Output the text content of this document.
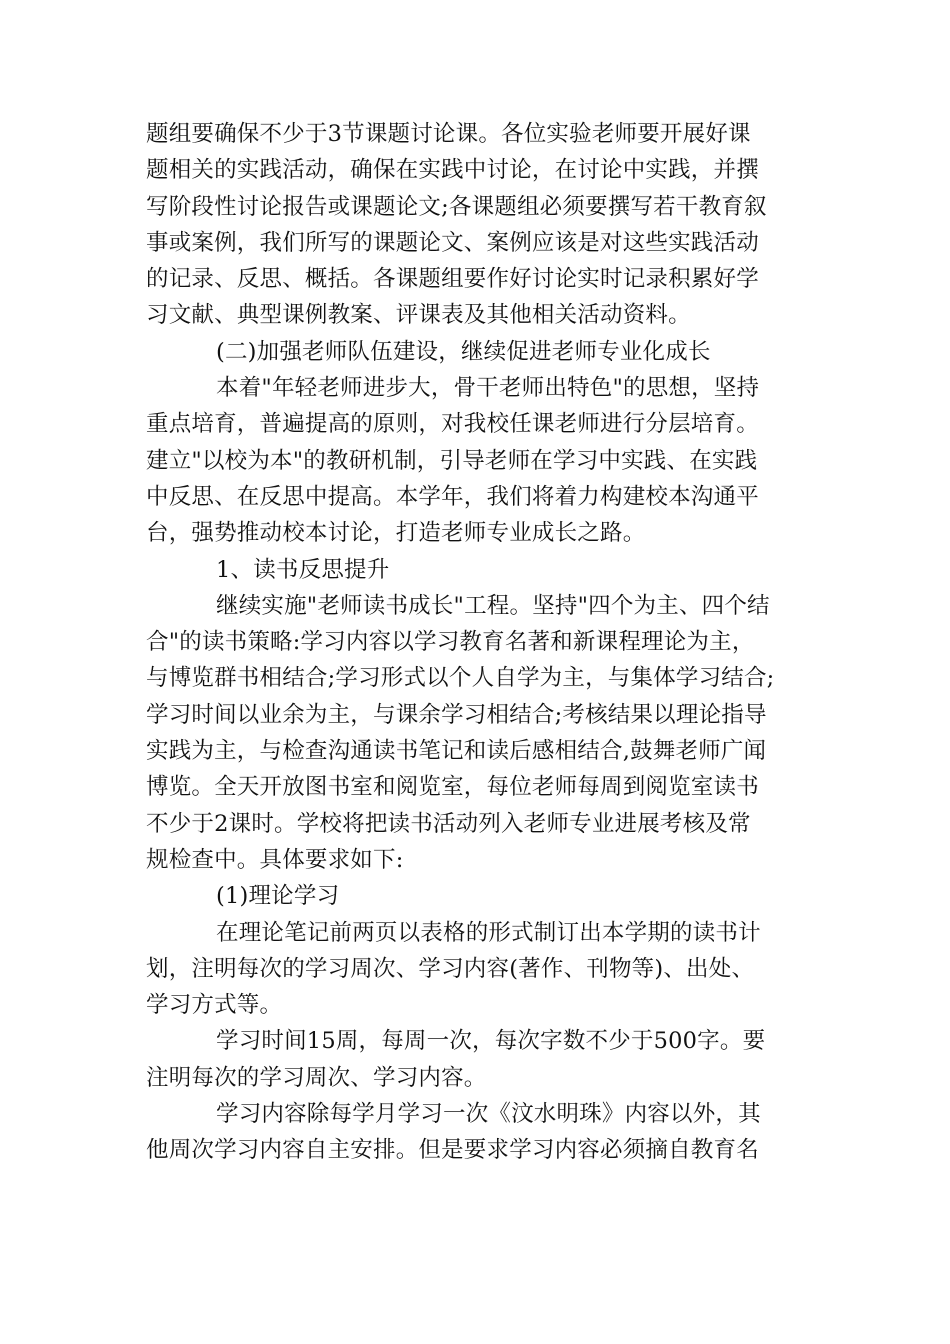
题组要确保不少于3节课题讨论课。各位实验老师要开展好课

题相关的实践活动，确保在实践中讨论，在讨论中实践，并撰

写阶段性讨论报告或课题论文;各课题组必须要撰写若干教育叙

事或案例，我们所写的课题论文、案例应该是对这些实践活动

的记录、反思、概括。各课题组要作好讨论实时记录积累好学

习文献、典型课例教案、评课表及其他相关活动资料。

(二)加强老师队伍建设，继续促进老师专业化成长

本着"年轻老师进步大，骨干老师出特色"的思想，坚持

重点培育，普遍提高的原则，对我校任课老师进行分层培育。

建立"以校为本"的教研机制，引导老师在学习中实践、在实践

中反思、在反思中提高。本学年，我们将着力构建校本沟通平

台，强势推动校本讨论，打造老师专业成长之路。

1、读书反思提升

继续实施"老师读书成长"工程。坚持"四个为主、四个结

合"的读书策略:学习内容以学习教育名著和新课程理论为主，

与博览群书相结合;学习形式以个人自学为主，与集体学习结合;

学习时间以业余为主，与课余学习相结合;考核结果以理论指导

实践为主，与检查沟通读书笔记和读后感相结合,鼓舞老师广闻

博览。全天开放图书室和阅览室，每位老师每周到阅览室读书

不少于2课时。学校将把读书活动列入老师专业进展考核及常

规检查中。具体要求如下:

(1)理论学习

在理论笔记前两页以表格的形式制订出本学期的读书计

划，注明每次的学习周次、学习内容(著作、刊物等)、出处、

学习方式等。

学习时间15周，每周一次，每次字数不少于500字。要

注明每次的学习周次、学习内容。

学习内容除每学月学习一次《汶水明珠》内容以外，其

他周次学习内容自主安排。但是要求学习内容必须摘自教育名
